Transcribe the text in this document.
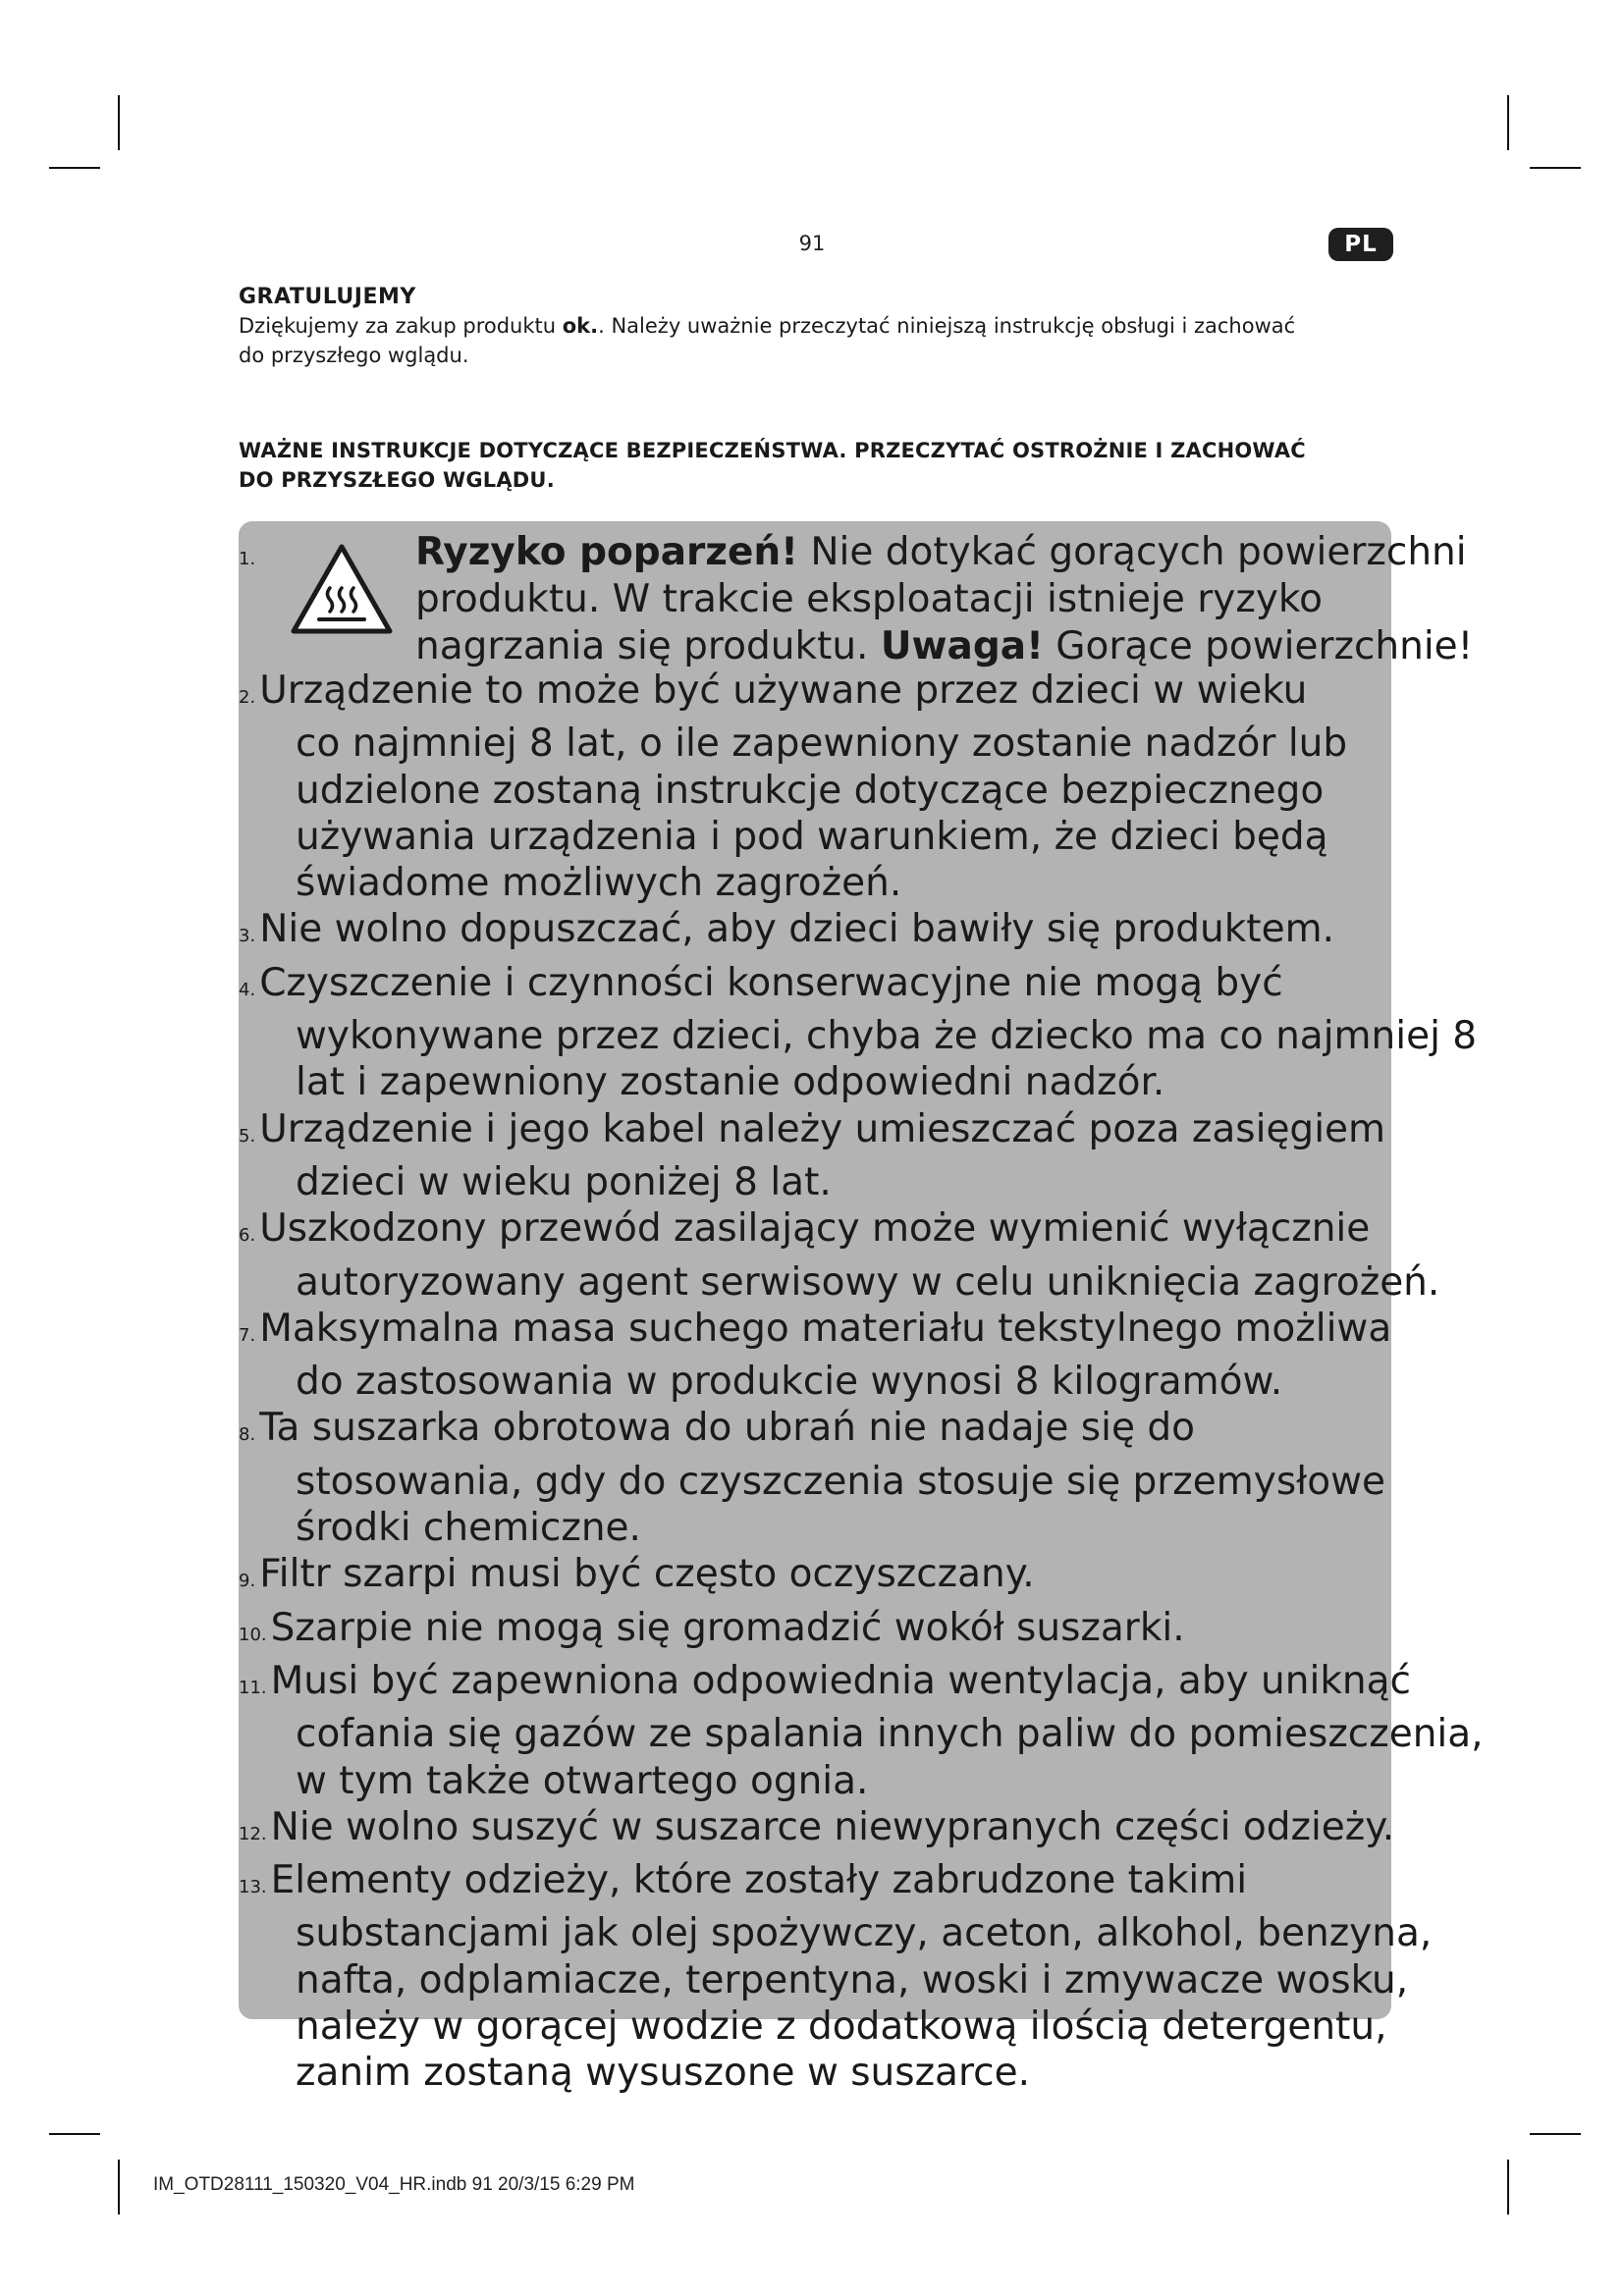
91	PL
GRATULUJEMY

Dziękujemy za zakup produktu ok.. Należy uważnie przeczytać niniejszą instrukcję obsługi i zachować

do przyszłego wglądu.

WAŻNE INSTRUKCJE DOTYCZĄCE BEZPIECZEŃSTWA. PRZECZYTAĆ OSTROŻNIE I ZACHOWAĆ
DO PRZYSZŁEGO WGLĄDU.
1.	Ryzyko poparzeń! Nie dotykać gorących powierzchni
produktu. W trakcie eksploatacji istnieje ryzyko
nagrzania się produktu. Uwaga! Gorące powierzchnie!
2. Urządzenie to może być używane przez dzieci w wieku
co najmniej 8 lat, o ile zapewniony zostanie nadzór lub
udzielone zostaną instrukcje dotyczące bezpiecznego
używania urządzenia i pod warunkiem, że dzieci będą
świadome możliwych zagrożeń.
3. Nie wolno dopuszczać, aby dzieci bawiły się produktem.
4. Czyszczenie i czynności konserwacyjne nie mogą być
wykonywane przez dzieci, chyba że dziecko ma co najmniej 8
lat i zapewniony zostanie odpowiedni nadzór.
5. Urządzenie i jego kabel należy umieszczać poza zasięgiem
dzieci w wieku poniżej 8 lat.
6. Uszkodzony przewód zasilający może wymienić wyłącznie
autoryzowany agent serwisowy w celu uniknięcia zagrożeń.
7. Maksymalna masa suchego materiału tekstylnego możliwa
do zastosowania w produkcie wynosi 8 kilogramów.
8. Ta suszarka obrotowa do ubrań nie nadaje się do
stosowania, gdy do czyszczenia stosuje się przemysłowe
środki chemiczne.
9. Filtr szarpi musi być często oczyszczany.
10. Szarpie nie mogą się gromadzić wokół suszarki.
11. Musi być zapewniona odpowiednia wentylacja, aby uniknąć
cofania się gazów ze spalania innych paliw do pomieszczenia,
w tym także otwartego ognia.
12. Nie wolno suszyć w suszarce niewypranych części odzieży.
13. Elementy odzieży, które zostały zabrudzone takimi
substancjami jak olej spożywczy, aceton, alkohol, benzyna,
nafta, odplamiacze, terpentyna, woski i zmywacze wosku,
należy w gorącej wodzie z dodatkową ilością detergentu,
zanim zostaną wysuszone w suszarce.
IM_OTD28111_150320_V04_HR.indb 91 20/3/15 6:29 PM
